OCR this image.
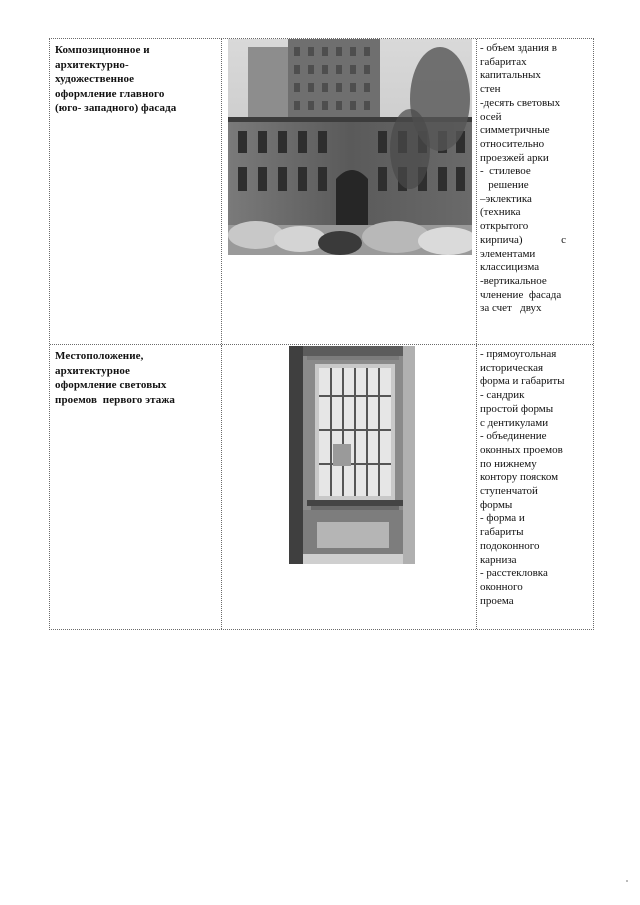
Композиционное и
архитектурно-
художественное
оформление главного
(юго- западного) фасада
- объем здания в
габаритах
капитальных
стен
-десять световых
осей
симметричные
относительно
проезжей арки
-  стилевое
решение
–эклектика
(техника
открытого
кирпича)              с
элементами
классицизма
-вертикальное
членение  фасада
за счет   двух
Местоположение,
архитектурное
оформление световых
проемов  первого этажа
- прямоугольная
историческая
форма и габариты
- сандрик
простой формы
с дентикулами
- объединение
оконных проемов
по нижнему
контору пояском
ступенчатой
формы
- форма и
габариты
подоконного
карниза
- расстекловка
оконного
проема
